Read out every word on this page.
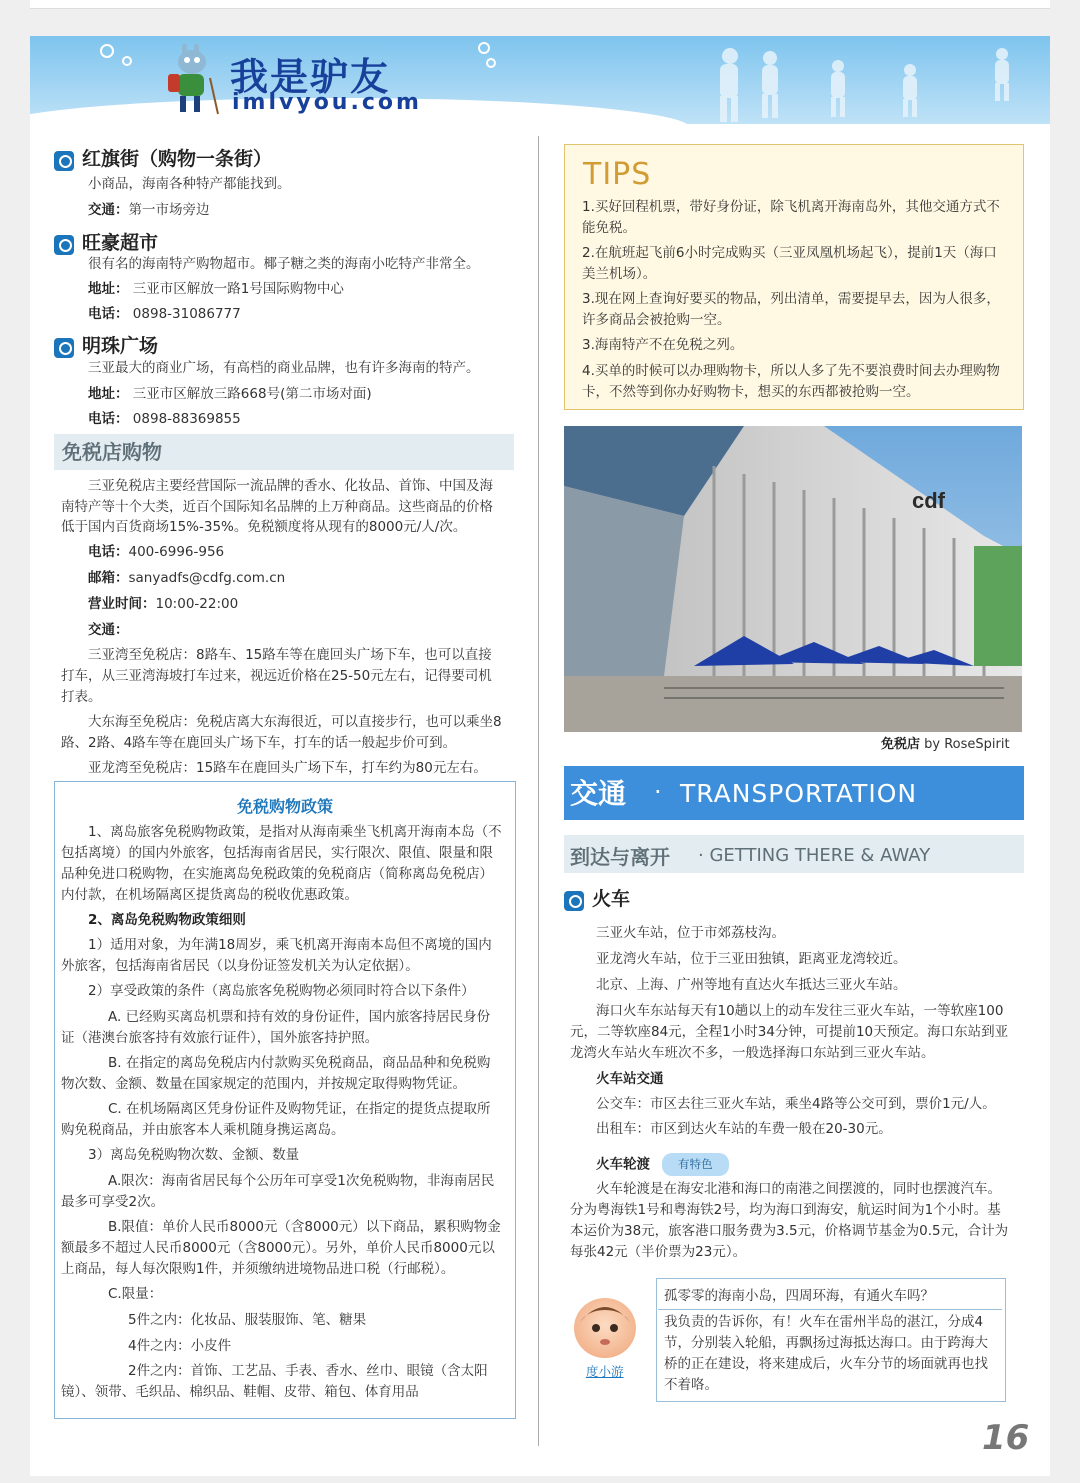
我是驴友
imlvyou.com
红旗街（购物一条街）
小商品，海南各种特产都能找到。
交通：第一市场旁边
旺豪超市
很有名的海南特产购物超市。椰子糖之类的海南小吃特产非常全。
地址： 三亚市区解放一路1号国际购物中心
电话： 0898-31086777
明珠广场
三亚最大的商业广场，有高档的商业品牌，也有许多海南的特产。
地址： 三亚市区解放三路668号(第二市场对面)
电话： 0898-88369855
免税店购物
三亚免税店主要经营国际一流品牌的香水、化妆品、首饰、中国及海
南特产等十个大类，近百个国际知名品牌的上万种商品。这些商品的价格
低于国内百货商场15%-35%。免税额度将从现有的8000元/人/次。
电话：400-6996-956
邮箱：sanyadfs@cdfg.com.cn
营业时间：10:00-22:00
交通：
三亚湾至免税店：8路车、15路车等在鹿回头广场下车，也可以直接
打车，从三亚湾海坡打车过来，视远近价格在25-50元左右，记得要司机
打表。
大东海至免税店：免税店离大东海很近，可以直接步行，也可以乘坐8
路、2路、4路车等在鹿回头广场下车，打车的话一般起步价可到。
亚龙湾至免税店：15路车在鹿回头广场下车，打车约为80元左右。
免税购物政策
1、离岛旅客免税购物政策，是指对从海南乘坐飞机离开海南本岛（不
包括离境）的国内外旅客，包括海南省居民，实行限次、限值、限量和限
品种免进口税购物，在实施离岛免税政策的免税商店（简称离岛免税店）
内付款，在机场隔离区提货离岛的税收优惠政策。
2、离岛免税购物政策细则
1）适用对象，为年满18周岁，乘飞机离开海南本岛但不离境的国内
外旅客，包括海南省居民（以身份证签发机关为认定依据）。
2）享受政策的条件（离岛旅客免税购物必须同时符合以下条件）
A. 已经购买离岛机票和持有效的身份证件，国内旅客持居民身份
证（港澳台旅客持有效旅行证件），国外旅客持护照。
B. 在指定的离岛免税店内付款购买免税商品，商品品种和免税购
物次数、金额、数量在国家规定的范围内，并按规定取得购物凭证。
C. 在机场隔离区凭身份证件及购物凭证，在指定的提货点提取所
购免税商品，并由旅客本人乘机随身携运离岛。
3）离岛免税购物次数、金额、数量
A.限次：海南省居民每个公历年可享受1次免税购物，非海南居民
最多可享受2次。
B.限值：单价人民币8000元（含8000元）以下商品，累积购物金
额最多不超过人民币8000元（含8000元）。另外，单价人民币8000元以
上商品，每人每次限购1件，并须缴纳进境物品进口税（行邮税）。
C.限量：
5件之内：化妆品、服装服饰、笔、糖果
4件之内：小皮件
2件之内：首饰、工艺品、手表、香水、丝巾、眼镜（含太阳
镜）、领带、毛织品、棉织品、鞋帽、皮带、箱包、体育用品
TIPS
1.买好回程机票，带好身份证，除飞机离开海南岛外，其他交通方式不
能免税。
2.在航班起飞前6小时完成购买（三亚凤凰机场起飞），提前1天（海口
美兰机场）。
3.现在网上查询好要买的物品，列出清单，需要提早去，因为人很多，
许多商品会被抢购一空。
3.海南特产不在免税之列。
4.买单的时候可以办理购物卡，所以人多了先不要浪费时间去办理购物
卡，不然等到你办好购物卡，想买的东西都被抢购一空。
cdf
免税店 by RoseSpirit
交通 · TRANSPORTATION
到达与离开 · GETTING THERE & AWAY
火车
三亚火车站，位于市郊荔枝沟。
亚龙湾火车站，位于三亚田独镇，距离亚龙湾较近。
北京、上海、广州等地有直达火车抵达三亚火车站。
海口火车东站每天有10趟以上的动车发往三亚火车站，一等软座100
元，二等软座84元，全程1小时34分钟，可提前10天预定。海口东站到亚
龙湾火车站火车班次不多，一般选择海口东站到三亚火车站。
火车站交通
公交车：市区去往三亚火车站，乘坐4路等公交可到，票价1元/人。
出租车：市区到达火车站的车费一般在20-30元。
火车轮渡 有特色
火车轮渡是在海安北港和海口的南港之间摆渡的，同时也摆渡汽车。
分为粤海铁1号和粤海铁2号，均为海口到海安，航运时间为1个小时。基
本运价为38元，旅客港口服务费为3.5元，价格调节基金为0.5元，合计为
每张42元（半价票为23元）。
度小游
孤零零的海南小岛，四周环海，有通火车吗？
我负责的告诉你，有！火车在雷州半岛的湛江，分成4
节，分别装入轮船，再飘扬过海抵达海口。由于跨海大
桥的正在建设，将来建成后，火车分节的场面就再也找
不着咯。
16
